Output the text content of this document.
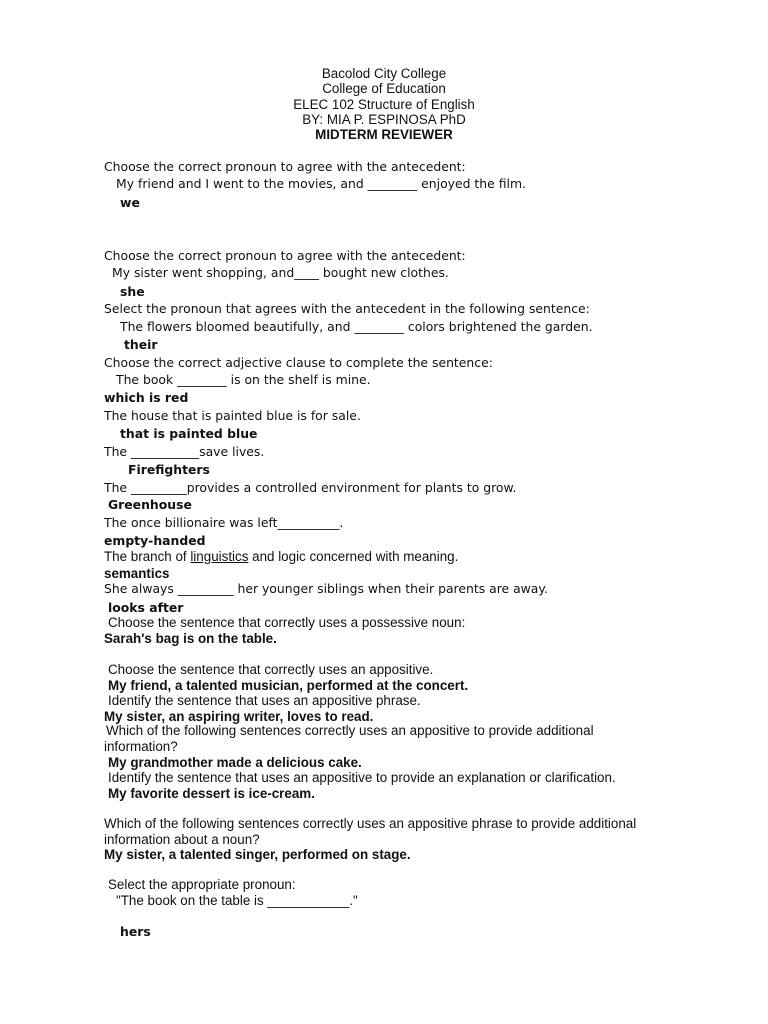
Bacolod City College

College of Education

ELEC 102 Structure of English

BY: MIA P. ESPINOSA PhD

MIDTERM REVIEWER

Choose the correct pronoun to agree with the antecedent:

My friend and I went to the movies, and ________ enjoyed the film.

we

Choose the correct pronoun to agree with the antecedent:

My sister went shopping, and____ bought new clothes.

she

Select the pronoun that agrees with the antecedent in the following sentence:

The flowers bloomed beautifully, and ________ colors brightened the garden.

their

Choose the correct adjective clause to complete the sentence:

The book ________ is on the shelf is mine.

which is red

The house that is painted blue is for sale.

that is painted blue

The ___________save lives.

Firefighters

The _________provides a controlled environment for plants to grow.

Greenhouse

The once billionaire was left__________.

empty-handed

The branch of linguistics and logic concerned with meaning.

semantics

She always _________ her younger siblings when their parents are away.

looks after

Choose the sentence that correctly uses a possessive noun:

Sarah's bag is on the table.

Choose the sentence that correctly uses an appositive.

My friend, a talented musician, performed at the concert.

Identify the sentence that uses an appositive phrase.

My sister, an aspiring writer, loves to read.

Which of the following sentences correctly uses an appositive to provide additional

information?

My grandmother made a delicious cake.

Identify the sentence that uses an appositive to provide an explanation or clarification.

My favorite dessert is ice-cream.

Which of the following sentences correctly uses an appositive phrase to provide additional

information about a noun?

My sister, a talented singer, performed on stage.

Select the appropriate pronoun:

"The book on the table is ___________."

hers
